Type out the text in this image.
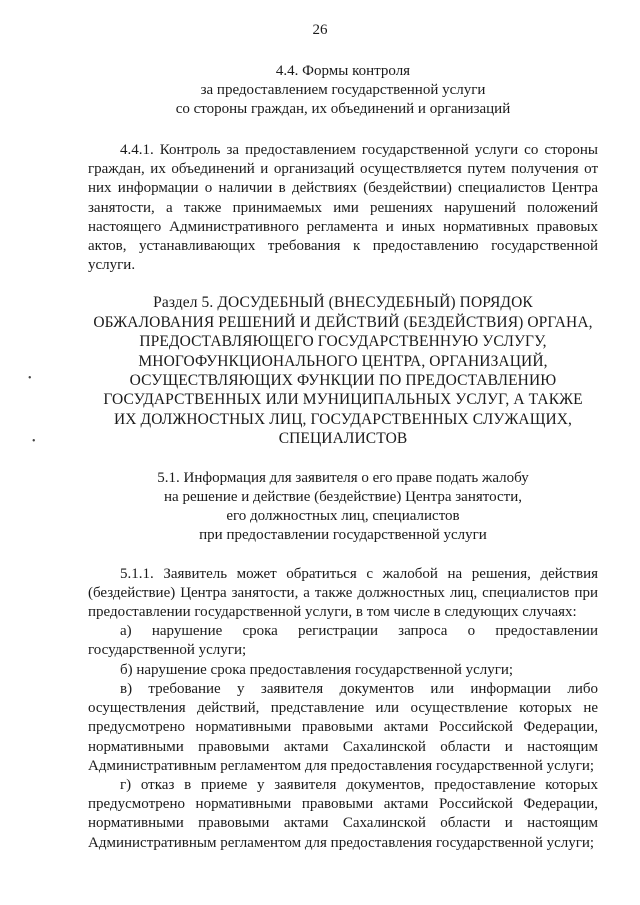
26
•
•
4.4. Формы контроля
за предоставлением государственной услуги
со стороны граждан, их объединений и организаций

4.4.1. Контроль за предоставлением государственной услуги со стороны граждан, их объединений и организаций осуществляется путем получения от них информации о наличии в действиях (бездействии) специалистов Центра занятости, а также принимаемых ими решениях нарушений положений настоящего Административного регламента и иных нормативных правовых актов, устанавливающих требования к предоставлению государственной услуги.

Раздел 5. ДОСУДЕБНЫЙ (ВНЕСУДЕБНЫЙ) ПОРЯДОК
ОБЖАЛОВАНИЯ РЕШЕНИЙ И ДЕЙСТВИЙ (БЕЗДЕЙСТВИЯ) ОРГАНА,
ПРЕДОСТАВЛЯЮЩЕГО ГОСУДАРСТВЕННУЮ УСЛУГУ,
МНОГОФУНКЦИОНАЛЬНОГО ЦЕНТРА, ОРГАНИЗАЦИЙ,
ОСУЩЕСТВЛЯЮЩИХ ФУНКЦИИ ПО ПРЕДОСТАВЛЕНИЮ
ГОСУДАРСТВЕННЫХ ИЛИ МУНИЦИПАЛЬНЫХ УСЛУГ, А ТАКЖЕ
ИХ ДОЛЖНОСТНЫХ ЛИЦ, ГОСУДАРСТВЕННЫХ СЛУЖАЩИХ,
СПЕЦИАЛИСТОВ
5.1. Информация для заявителя о его праве подать жалобу
на решение и действие (бездействие) Центра занятости,
его должностных лиц, специалистов
при предоставлении государственной услуги

5.1.1. Заявитель может обратиться с жалобой на решения, действия (бездействие) Центра занятости, а также должностных лиц, специалистов при предоставлении государственной услуги, в том числе в следующих случаях:

а) нарушение срока регистрации запроса о предоставлении государственной услуги;

б) нарушение срока предоставления государственной услуги;

в) требование у заявителя документов или информации либо осуществления действий, представление или осуществление которых не предусмотрено нормативными правовыми актами Российской Федерации, нормативными правовыми актами Сахалинской области и настоящим Административным регламентом для предоставления государственной услуги;

г) отказ в приеме у заявителя документов, предоставление которых предусмотрено нормативными правовыми актами Российской Федерации, нормативными правовыми актами Сахалинской области и настоящим Административным регламентом для предоставления государственной услуги;
